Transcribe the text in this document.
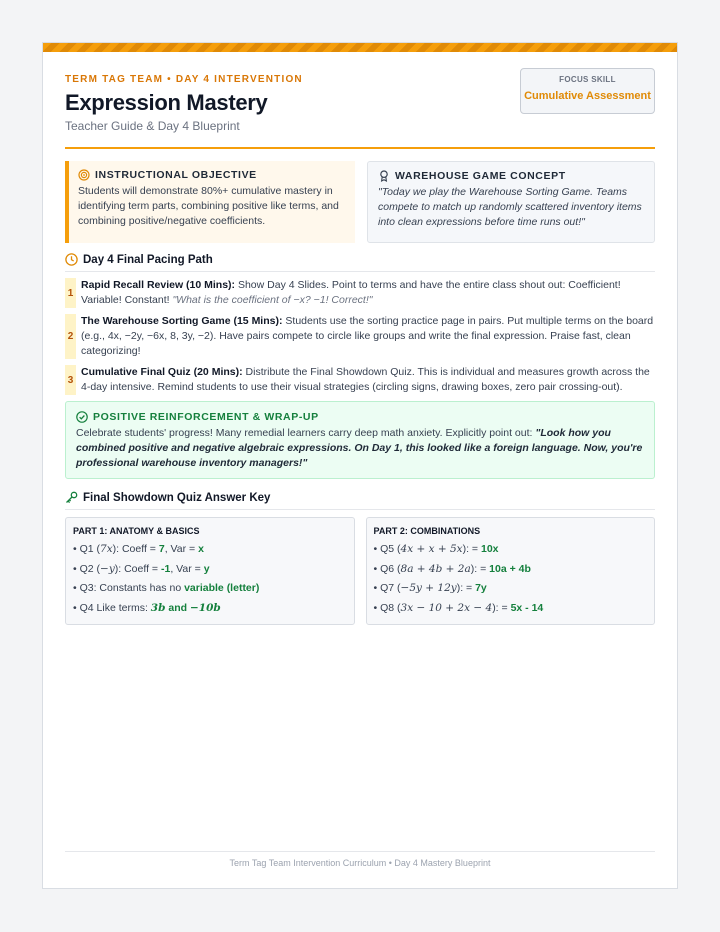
TERM TAG TEAM • DAY 4 INTERVENTION
Expression Mastery
Teacher Guide & Day 4 Blueprint
FOCUS SKILL
Cumulative Assessment
INSTRUCTIONAL OBJECTIVE
Students will demonstrate 80%+ cumulative mastery in identifying term parts, combining positive like terms, and combining positive/negative coefficients.
WAREHOUSE GAME CONCEPT
"Today we play the Warehouse Sorting Game. Teams compete to match up randomly scattered inventory items into clean expressions before time runs out!"
Day 4 Final Pacing Path
1
Rapid Recall Review (10 Mins): Show Day 4 Slides. Point to terms and have the entire class shout out: Coefficient! Variable! Constant! "What is the coefficient of −x? −1! Correct!"
2
The Warehouse Sorting Game (15 Mins): Students use the sorting practice page in pairs. Put multiple terms on the board (e.g., 4x, −2y, −6x, 8, 3y, −2). Have pairs compete to circle like groups and write the final expression. Praise fast, clean categorizing!
3
Cumulative Final Quiz (20 Mins): Distribute the Final Showdown Quiz. This is individual and measures growth across the 4-day intensive. Remind students to use their visual strategies (circling signs, drawing boxes, zero pair crossing-out).
POSITIVE REINFORCEMENT & WRAP-UP
Celebrate students' progress! Many remedial learners carry deep math anxiety. Explicitly point out: "Look how you combined positive and negative algebraic expressions. On Day 1, this looked like a foreign language. Now, you're professional warehouse inventory managers!"
Final Showdown Quiz Answer Key
PART 1: ANATOMY & BASICS
• Q1 (7x): Coeff = 7, Var = x
• Q2 (−y): Coeff = -1, Var = y
• Q3: Constants has no variable (letter)
• Q4 Like terms: 3b and −10b
PART 2: COMBINATIONS
• Q5 (4x + x + 5x): = 10x
• Q6 (8a + 4b + 2a): = 10a + 4b
• Q7 (−5y + 12y): = 7y
• Q8 (3x − 10 + 2x − 4): = 5x - 14
Term Tag Team Intervention Curriculum • Day 4 Mastery Blueprint
